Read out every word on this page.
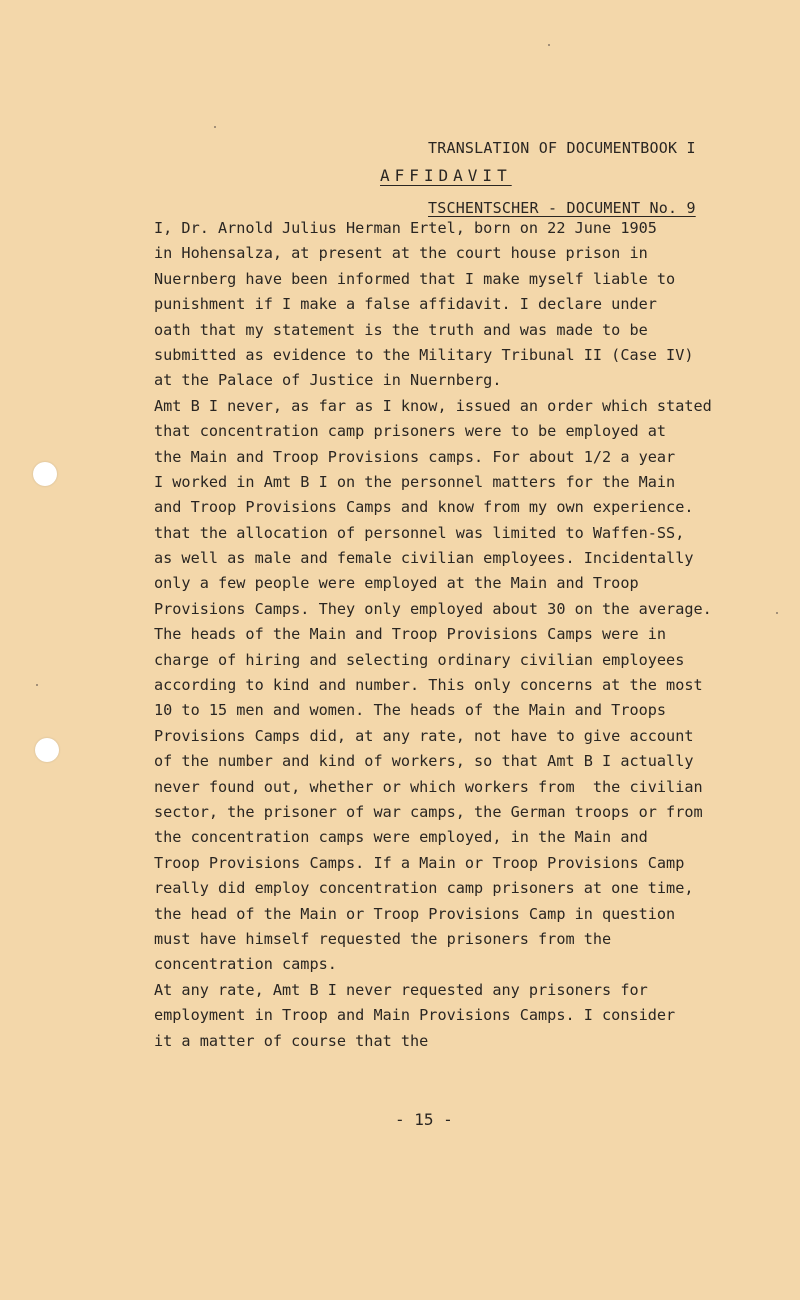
TRANSLATION OF DOCUMENTBOOK I

TSCHENTSCHER - DOCUMENT No. 9

AFFIDAVIT
I, Dr. Arnold Julius Herman Ertel, born on 22 June 1905
in Hohensalza, at present at the court house prison in
Nuernberg have been informed that I make myself liable to
punishment if I make a false affidavit. I declare under
oath that my statement is the truth and was made to be
submitted as evidence to the Military Tribunal II (Case IV)
at the Palace of Justice in Nuernberg.
Amt B I never, as far as I know, issued an order which stated
that concentration camp prisoners were to be employed at
the Main and Troop Provisions camps. For about 1/2 a year
I worked in Amt B I on the personnel matters for the Main
and Troop Provisions Camps and know from my own experience.
that the allocation of personnel was limited to Waffen-SS,
as well as male and female civilian employees. Incidentally
only a few people were employed at the Main and Troop
Provisions Camps. They only employed about 30 on the average.
The heads of the Main and Troop Provisions Camps were in
charge of hiring and selecting ordinary civilian employees
according to kind and number. This only concerns at the most
10 to 15 men and women. The heads of the Main and Troops
Provisions Camps did, at any rate, not have to give account
of the number and kind of workers, so that Amt B I actually
never found out, whether or which workers from  the civilian
sector, the prisoner of war camps, the German troops or from
the concentration camps were employed, in the Main and
Troop Provisions Camps. If a Main or Troop Provisions Camp
really did employ concentration camp prisoners at one time,
the head of the Main or Troop Provisions Camp in question
must have himself requested the prisoners from the
concentration camps.
At any rate, Amt B I never requested any prisoners for
employment in Troop and Main Provisions Camps. I consider
it a matter of course that the
- 15 -
